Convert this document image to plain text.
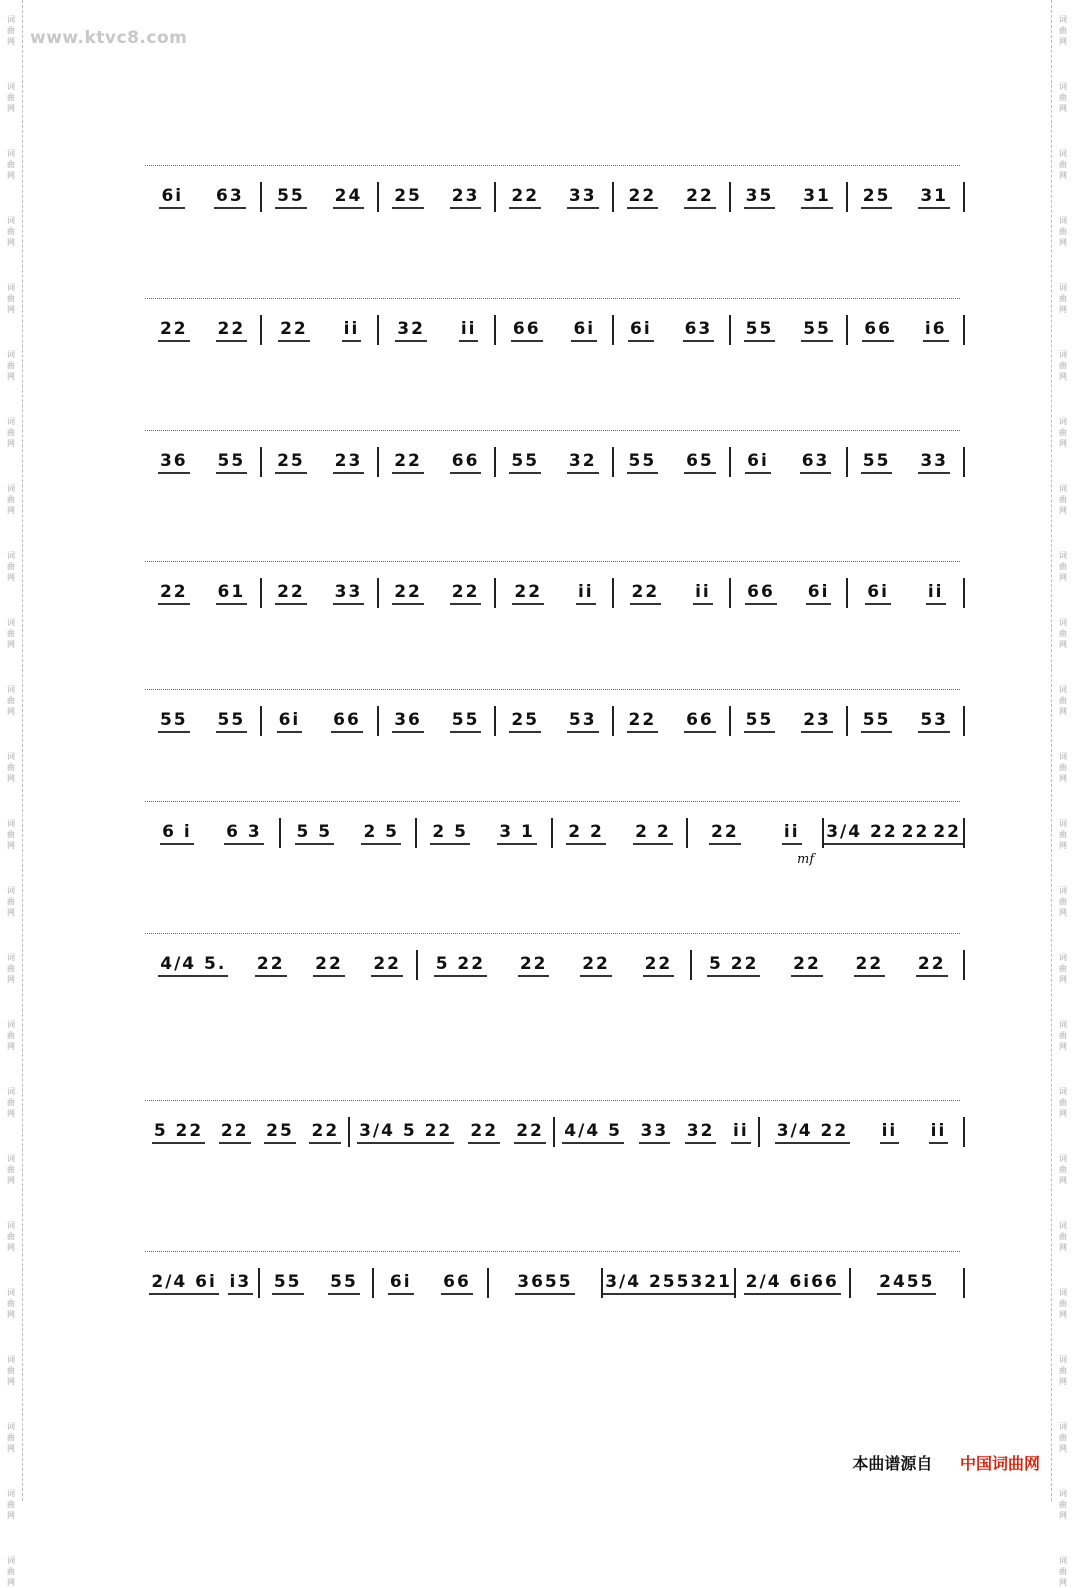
词
曲
网
词
曲
网
词
曲
网
词
曲
网
词
曲
网
词
曲
网
词
曲
网
词
曲
网
词
曲
网
词
曲
网
词
曲
网
词
曲
网
词
曲
网
词
曲
网
词
曲
网
词
曲
网
词
曲
网
词
曲
网
词
曲
网
词
曲
网
词
曲
网
词
曲
网
词
曲
网
词
曲
网
词
曲
网
词
曲
网
词
曲
网
词
曲
网
词
曲
网
词
曲
网
词
曲
网
词
曲
网
词
曲
网
词
曲
网
词
曲
网
词
曲
网
词
曲
网
词
曲
网
词
曲
网
词
曲
网
词
曲
网
词
曲
网
词
曲
网
词
曲
网
词
曲
网
词
曲
网
词
曲
网
词
曲
网
www.ktvc8.com
6i 63 55 24 25 23 22 33 22 22 35 31 25 31
22 22 22 ii 32 ii 66 6i 6i 63 55 55 66 i6
36 55 25 23 22 66 55 32 55 65 6i 63 55 33
22 61 22 33 22 22 22 ii 22 ii 66 6i 6i ii
55 55 6i 66 36 55 25 53 22 66 55 23 55 53
6 i 6 3 5 5 2 5 2 5 3 1 2 2 2 2 22	ii 3/4 22 22 22
4/4 5. 22 22 22 5 22 22 22 22 5 22 22 22 22
5 22 22 25 22 3/4 5 22 22 22 4/4 5 33 32 ii 3/4 22 ii ii
2/4 6i i3 55 55 6i 66	3655 3/4 255321 2/4 6i66 2455
mf
本曲谱源自 中国词曲网
